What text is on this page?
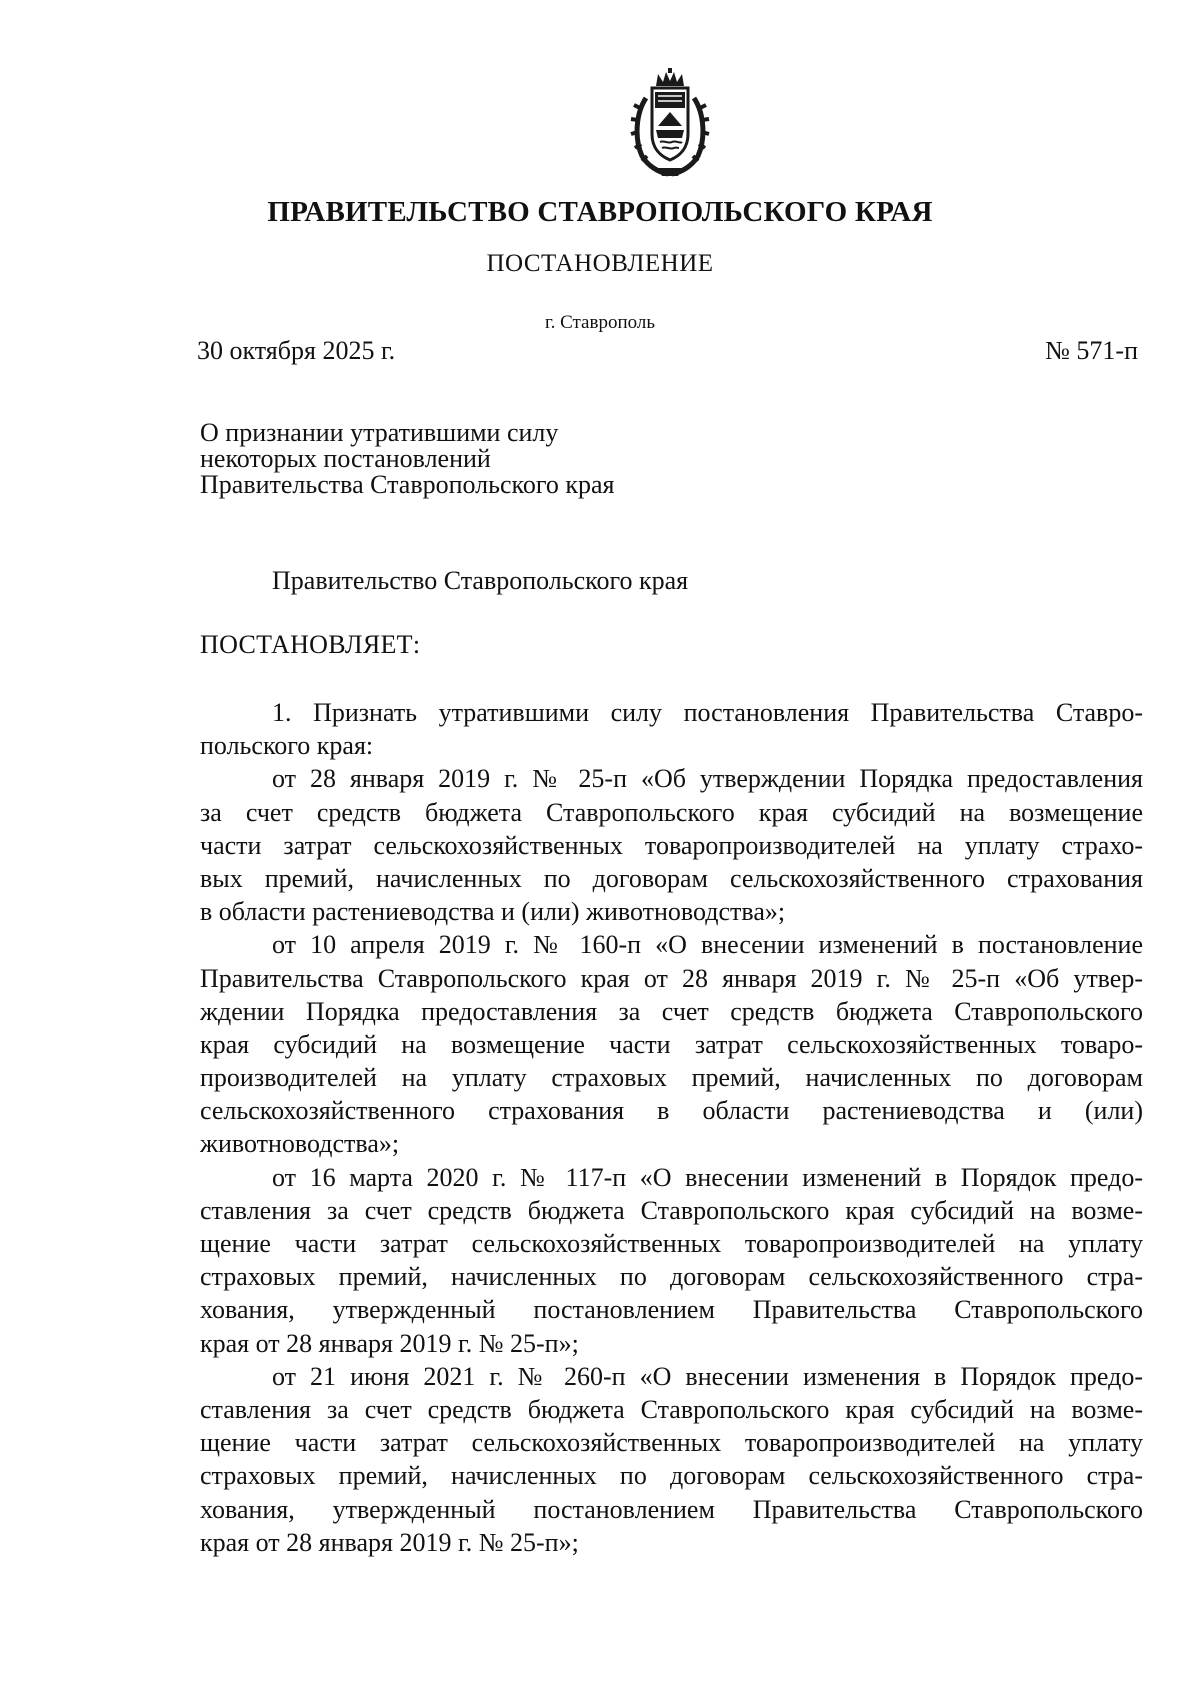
ПРАВИТЕЛЬСТВО СТАВРОПОЛЬСКОГО КРАЯ
ПОСТАНОВЛЕНИЕ
г. Ставрополь
30 октября 2025 г.	№ 571-п
О признании утратившими силу
некоторых постановлений
Правительства Ставропольского края
Правительство Ставропольского края
ПОСТАНОВЛЯЕТ:
1. Признать утратившими силу постановления Правительства Ставро-
польского края:
от 28 января 2019 г. № 25-п «Об утверждении Порядка предоставления
за счет средств бюджета Ставропольского края субсидий на возмещение
части затрат сельскохозяйственных товаропроизводителей на уплату страхо-
вых премий, начисленных по договорам сельскохозяйственного страхования
в области растениеводства и (или) животноводства»;
от 10 апреля 2019 г. № 160-п «О внесении изменений в постановление
Правительства Ставропольского края от 28 января 2019 г. № 25-п «Об утвер-
ждении Порядка предоставления за счет средств бюджета Ставропольского
края субсидий на возмещение части затрат сельскохозяйственных товаро-
производителей на уплату страховых премий, начисленных по договорам
сельскохозяйственного страхования в области растениеводства и (или)
животноводства»;
от 16 марта 2020 г. № 117-п «О внесении изменений в Порядок предо-
ставления за счет средств бюджета Ставропольского края субсидий на возме-
щение части затрат сельскохозяйственных товаропроизводителей на уплату
страховых премий, начисленных по договорам сельскохозяйственного стра-
хования, утвержденный постановлением Правительства Ставропольского
края от 28 января 2019 г. № 25-п»;
от 21 июня 2021 г. № 260-п «О внесении изменения в Порядок предо-
ставления за счет средств бюджета Ставропольского края субсидий на возме-
щение части затрат сельскохозяйственных товаропроизводителей на уплату
страховых премий, начисленных по договорам сельскохозяйственного стра-
хования, утвержденный постановлением Правительства Ставропольского
края от 28 января 2019 г. № 25-п»;
